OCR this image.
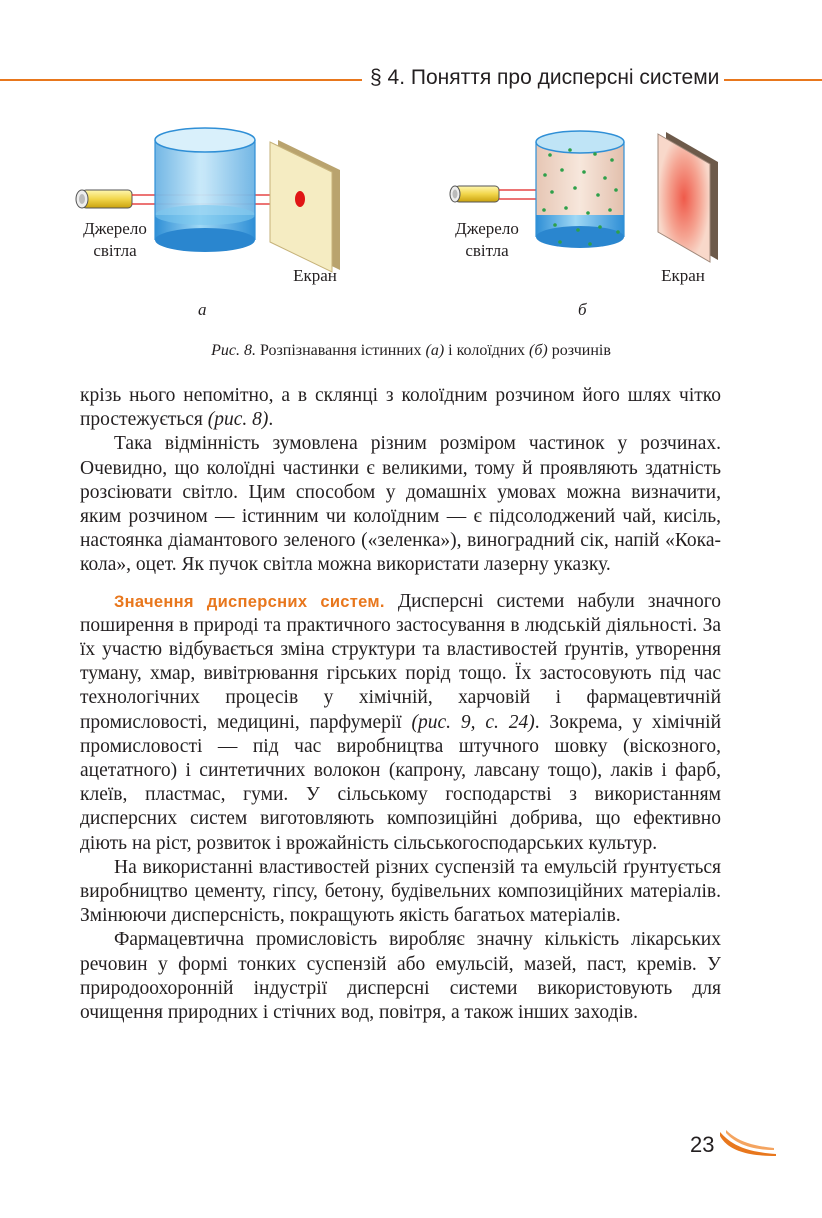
§ 4. Поняття про дисперсні системи
Джерело
світла
Екран
а
Джерело
світла
Екран
б
Рис. 8. Розпізнавання істинних (а) і колоїдних (б) розчинів

крізь нього непомітно, а в склянці з колоїдним розчином його шлях чітко простежується (рис. 8).

Така відмінність зумовлена різним розміром частинок у розчинах. Очевидно, що колоїдні частинки є великими, тому й проявляють здатність розсіювати світло. Цим способом у домашніх умовах можна визначити, яким розчином — істинним чи колоїдним — є підсолоджений чай, кисіль, настоянка діамантового зеленого («зеленка»), виноградний сік, напій «Кока-кола», оцет. Як пучок світла можна використати лазерну указку.

Значення дисперсних систем. Дисперсні системи набули значного поширення в природі та практичного застосування в людській діяльності. За їх участю відбувається зміна структури та властивостей ґрунтів, утворення туману, хмар, вивітрювання гірських порід тощо. Їх застосовують під час технологічних процесів у хімічній, харчовій і фармацевтичній промисловості, медицині, парфумерії (рис. 9, с. 24). Зокрема, у хімічній промисловості — під час виробництва штучного шовку (віскозного, ацетатного) і синтетичних волокон (капрону, лавсану тощо), лаків і фарб, клеїв, пластмас, гуми. У сільському господарстві з використанням дисперсних систем виготовляють композиційні добрива, що ефективно діють на ріст, розвиток і врожайність сільськогосподарських культур.

На використанні властивостей різних суспензій та емульсій ґрунтується виробництво цементу, гіпсу, бетону, будівельних композиційних матеріалів. Змінюючи дисперсність, покращують якість багатьох матеріалів.

Фармацевтична промисловість виробляє значну кількість лікарських речовин у формі тонких суспензій або емульсій, мазей, паст, кремів. У природоохоронній індустрії дисперсні системи використовують для очищення природних і стічних вод, повітря, а також інших заходів.

23
